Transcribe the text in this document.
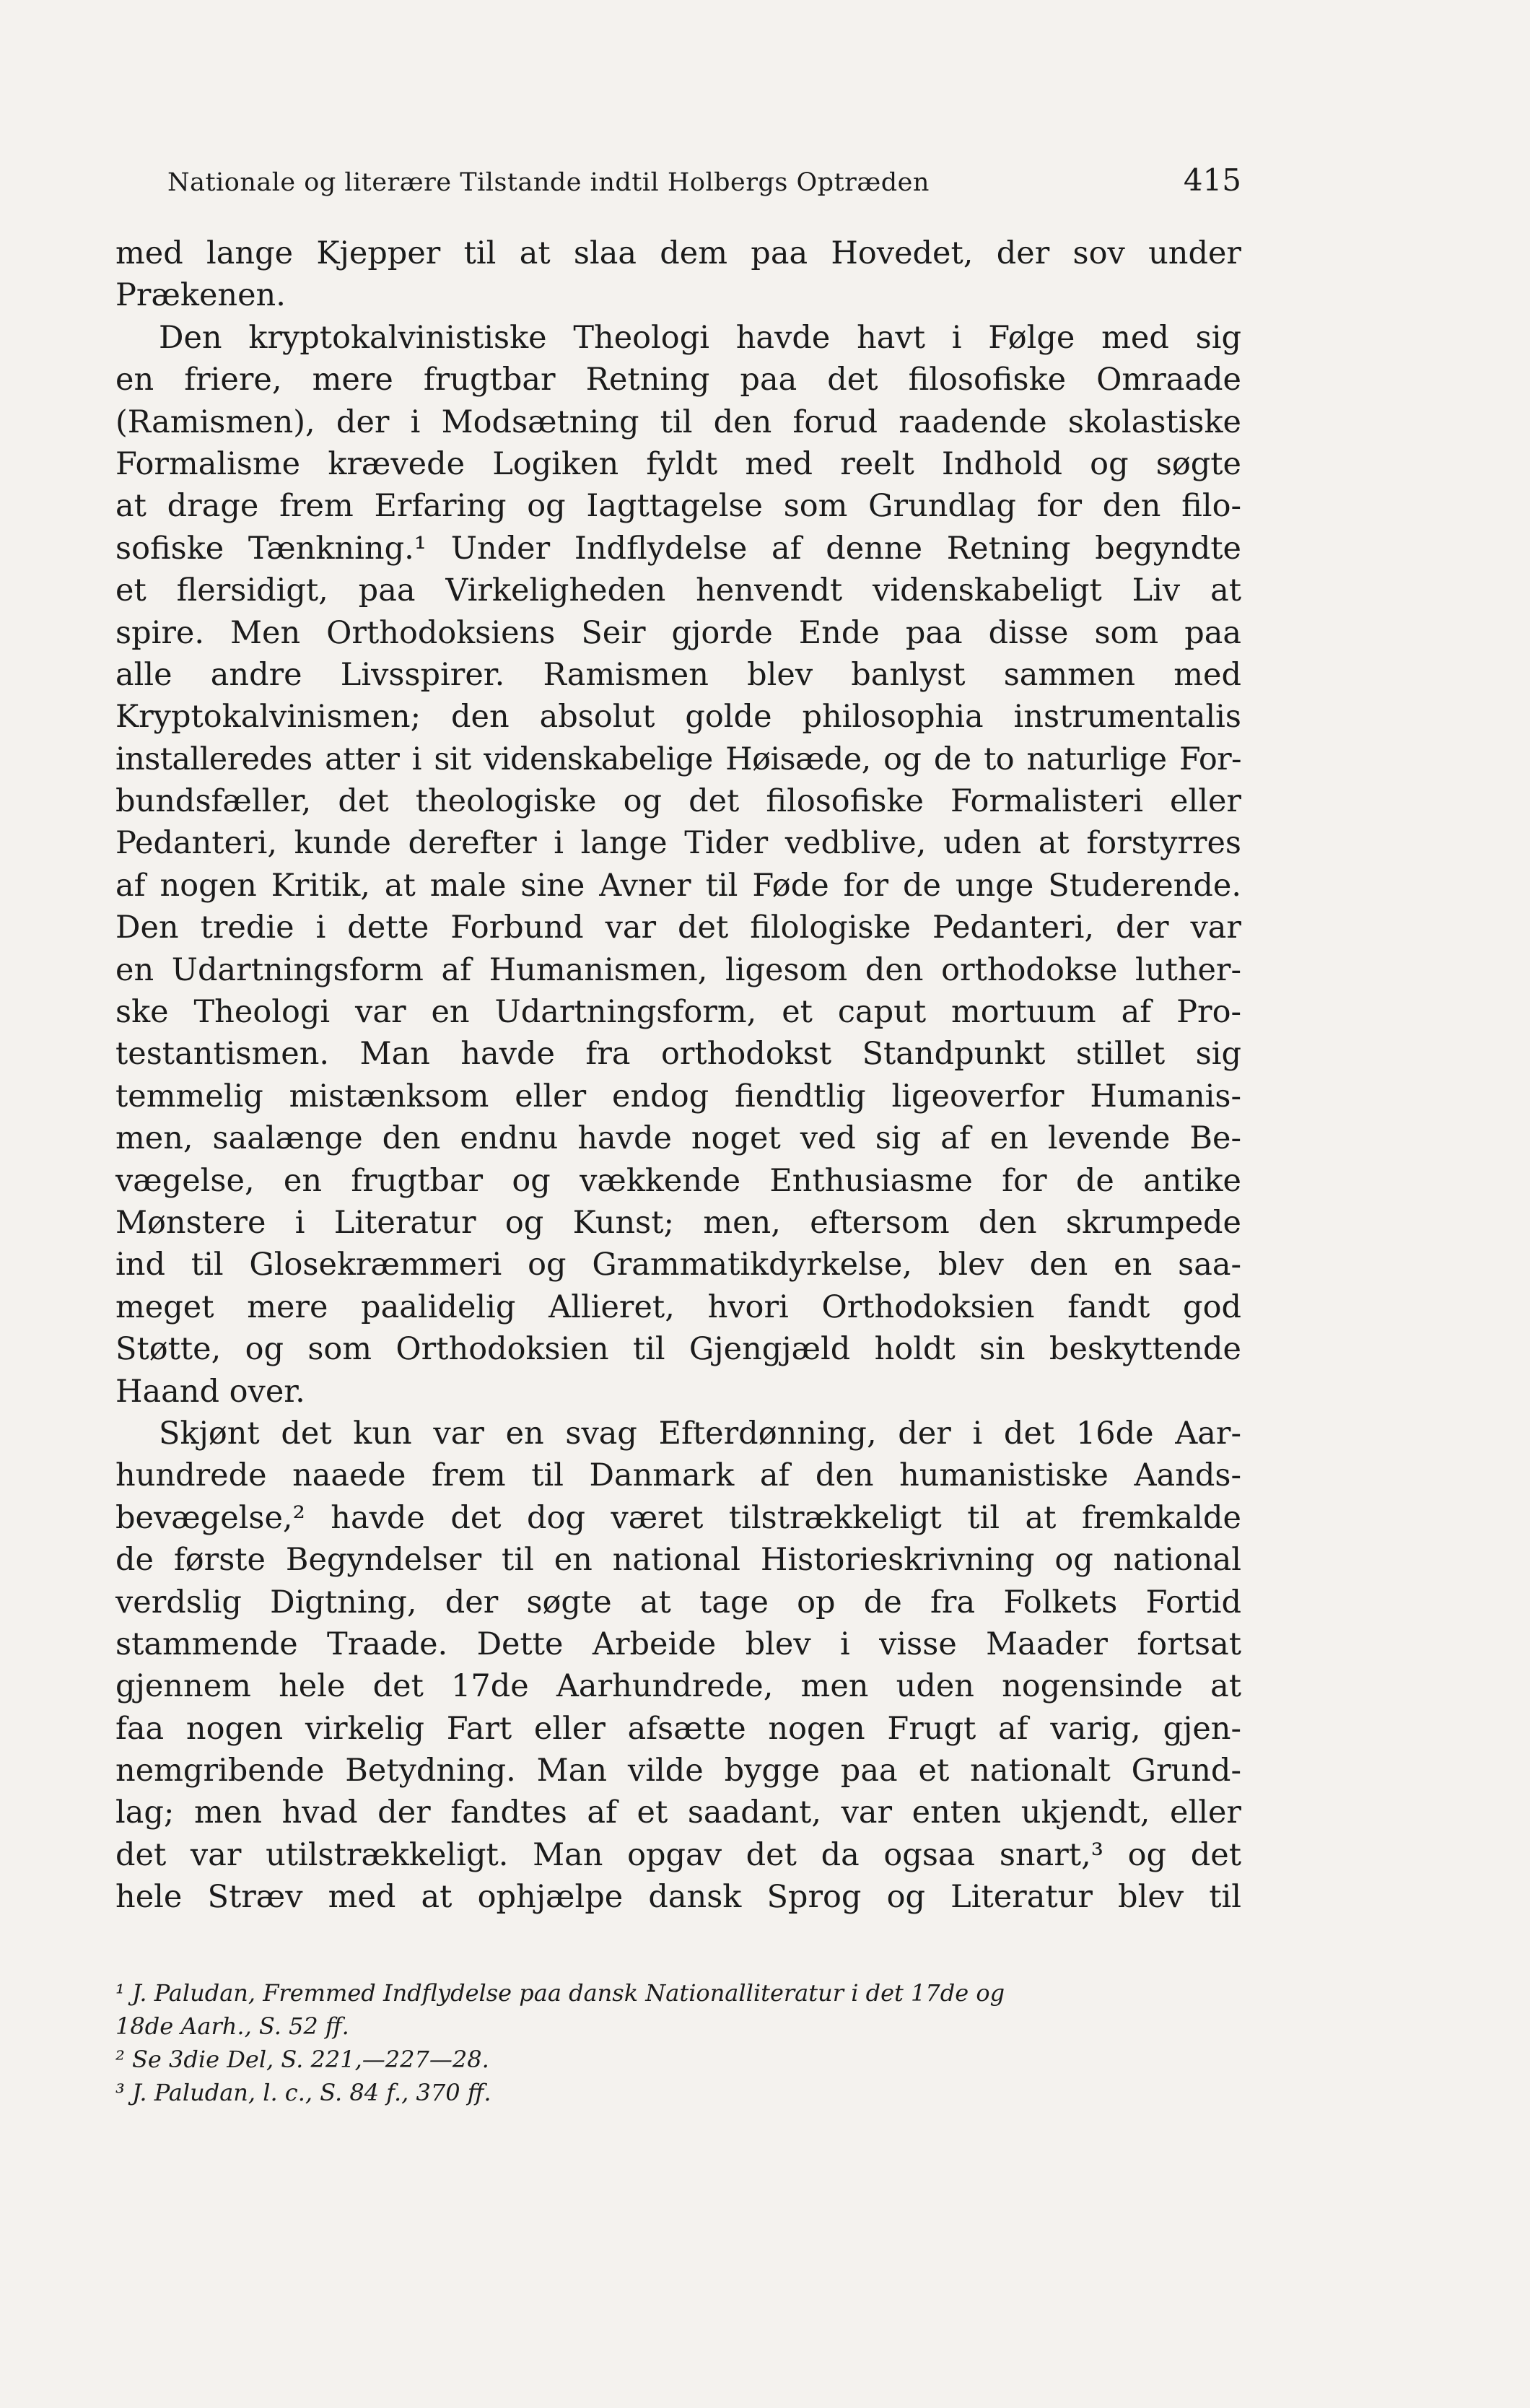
Nationale og literære Tilstande indtil Holbergs Optræden	415
med lange Kjepper til at slaa dem paa Hovedet, der sov under
Prækenen.
Den kryptokalvinistiske Theologi havde havt i Følge med sig
en friere, mere frugtbar Retning paa det filosofiske Omraade
(Ramismen), der i Modsætning til den forud raadende skolastiske
Formalisme krævede Logiken fyldt med reelt Indhold og søgte
at drage frem Erfaring og Iagttagelse som Grundlag for den filo-
sofiske Tænkning.¹ Under Indflydelse af denne Retning begyndte
et flersidigt, paa Virkeligheden henvendt videnskabeligt Liv at
spire. Men Orthodoksiens Seir gjorde Ende paa disse som paa
alle andre Livsspirer. Ramismen blev banlyst sammen med
Kryptokalvinismen; den absolut golde philosophia instrumentalis
installeredes atter i sit videnskabelige Høisæde, og de to naturlige For-
bundsfæller, det theologiske og det filosofiske Formalisteri eller
Pedanteri, kunde derefter i lange Tider vedblive, uden at forstyrres
af nogen Kritik, at male sine Avner til Føde for de unge Studerende.
Den tredie i dette Forbund var det filologiske Pedanteri, der var
en Udartningsform af Humanismen, ligesom den orthodokse luther-
ske Theologi var en Udartningsform, et caput mortuum af Pro-
testantismen. Man havde fra orthodokst Standpunkt stillet sig
temmelig mistænksom eller endog fiendtlig ligeoverfor Humanis-
men, saalænge den endnu havde noget ved sig af en levende Be-
vægelse, en frugtbar og vækkende Enthusiasme for de antike
Mønstere i Literatur og Kunst; men, eftersom den skrumpede
ind til Glosekræmmeri og Grammatikdyrkelse, blev den en saa-
meget mere paalidelig Allieret, hvori Orthodoksien fandt god
Støtte, og som Orthodoksien til Gjengjæld holdt sin beskyttende
Haand over.
Skjønt det kun var en svag Efterdønning, der i det 16de Aar-
hundrede naaede frem til Danmark af den humanistiske Aands-
bevægelse,² havde det dog været tilstrækkeligt til at fremkalde
de første Begyndelser til en national Historieskrivning og national
verdslig Digtning, der søgte at tage op de fra Folkets Fortid
stammende Traade. Dette Arbeide blev i visse Maader fortsat
gjennem hele det 17de Aarhundrede, men uden nogensinde at
faa nogen virkelig Fart eller afsætte nogen Frugt af varig, gjen-
nemgribende Betydning. Man vilde bygge paa et nationalt Grund-
lag; men hvad der fandtes af et saadant, var enten ukjendt, eller
det var utilstrækkeligt. Man opgav det da ogsaa snart,³ og det
hele Stræv med at ophjælpe dansk Sprog og Literatur blev til
¹ J. Paludan, Fremmed Indflydelse paa dansk Nationalliteratur i det 17de og
18de Aarh., S. 52 ff.
² Se 3die Del, S. 221,—227—28.
³ J. Paludan, l. c., S. 84 f., 370 ff.
